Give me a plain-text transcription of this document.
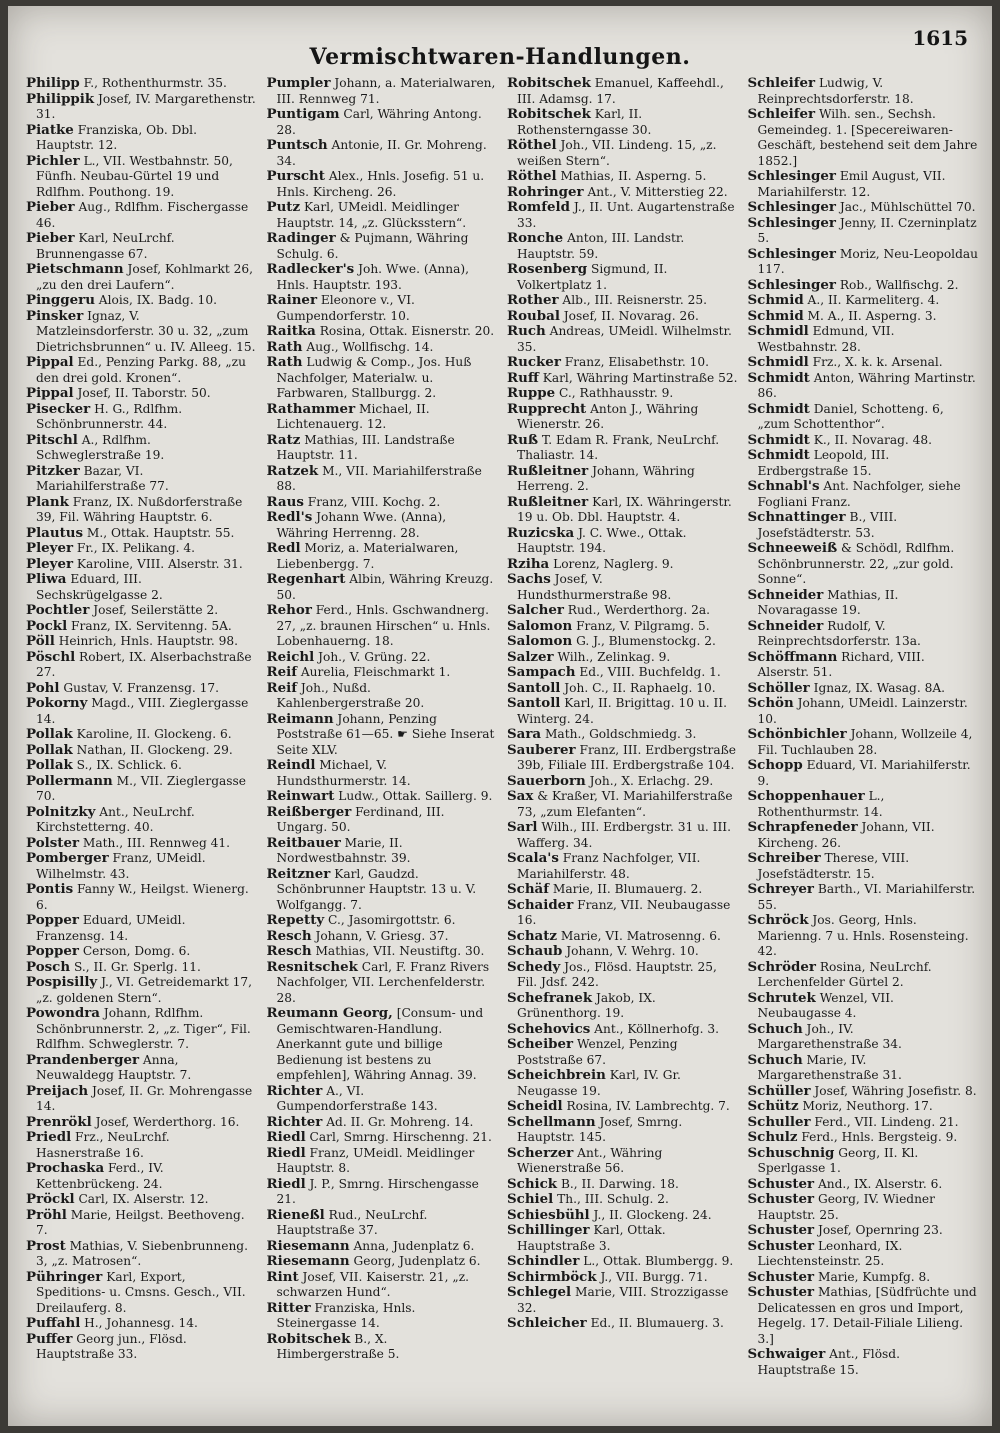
1615
Vermischtwaren-Handlungen.

Philipp F., Rothenthurmstr. 35.

Philippik Josef, IV. Margarethenstr. 31.

Piatke Franziska, Ob. Dbl. Hauptstr. 12.

Pichler L., VII. Westbahnstr. 50, Fünfh. Neubau-Gürtel 19 und Rdlfhm. Pouthong. 19.

Pieber Aug., Rdlfhm. Fischergasse 46.

Pieber Karl, NeuLrchf. Brunnengasse 67.

Pietschmann Josef, Kohlmarkt 26, „zu den drei Laufern“.

Pinggeru Alois, IX. Badg. 10.

Pinsker Ignaz, V. Matzleinsdorferstr. 30 u. 32, „zum Dietrichsbrunnen“ u. IV. Alleeg. 15.

Pippal Ed., Penzing Parkg. 88, „zu den drei gold. Kronen“.

Pippal Josef, II. Taborstr. 50.

Pisecker H. G., Rdlfhm. Schönbrunnerstr. 44.

Pitschl A., Rdlfhm. Schweglerstraße 19.

Pitzker Bazar, VI. Mariahilferstraße 77.

Plank Franz, IX. Nußdorferstraße 39, Fil. Währing Hauptstr. 6.

Plautus M., Ottak. Hauptstr. 55.

Pleyer Fr., IX. Pelikang. 4.

Pleyer Karoline, VIII. Alserstr. 31.

Pliwa Eduard, III. Sechskrügelgasse 2.

Pochtler Josef, Seilerstätte 2.

Pockl Franz, IX. Servitenng. 5A.

Pöll Heinrich, Hnls. Hauptstr. 98.

Pöschl Robert, IX. Alserbachstraße 27.

Pohl Gustav, V. Franzensg. 17.

Pokorny Magd., VIII. Zieglergasse 14.

Pollak Karoline, II. Glockeng. 6.

Pollak Nathan, II. Glockeng. 29.

Pollak S., IX. Schlick. 6.

Pollermann M., VII. Zieglergasse 70.

Polnitzky Ant., NeuLrchf. Kirchstetterng. 40.

Polster Math., III. Rennweg 41.

Pomberger Franz, UMeidl. Wilhelmstr. 43.

Pontis Fanny W., Heilgst. Wienerg. 6.

Popper Eduard, UMeidl. Franzensg. 14.

Popper Cerson, Domg. 6.

Posch S., II. Gr. Sperlg. 11.

Pospisilly J., VI. Getreidemarkt 17, „z. goldenen Stern“.

Powondra Johann, Rdlfhm. Schönbrunnerstr. 2, „z. Tiger“, Fil. Rdlfhm. Schweglerstr. 7.

Prandenberger Anna, Neuwaldegg Hauptstr. 7.

Preijach Josef, II. Gr. Mohrengasse 14.

Prenrökl Josef, Werderthorg. 16.

Priedl Frz., NeuLrchf. Hasnerstraße 16.

Prochaska Ferd., IV. Kettenbrückeng. 24.

Pröckl Carl, IX. Alserstr. 12.

Pröhl Marie, Heilgst. Beethoveng. 7.

Prost Mathias, V. Siebenbrunneng. 3, „z. Matrosen“.

Pühringer Karl, Export, Speditions- u. Cmsns. Gesch., VII. Dreilauferg. 8.

Puffahl H., Johannesg. 14.

Puffer Georg jun., Flösd. Hauptstraße 33.

Pumpler Johann, a. Materialwaren, III. Rennweg 71.

Puntigam Carl, Währing Antong. 28.

Puntsch Antonie, II. Gr. Mohreng. 34.

Purscht Alex., Hnls. Josefig. 51 u. Hnls. Kircheng. 26.

Putz Karl, UMeidl. Meidlinger Hauptstr. 14, „z. Glücksstern“.

Radinger & Pujmann, Währing Schulg. 6.

Radlecker's Joh. Wwe. (Anna), Hnls. Hauptstr. 193.

Rainer Eleonore v., VI. Gumpendorferstr. 10.

Raitka Rosina, Ottak. Eisnerstr. 20.

Rath Aug., Wollfischg. 14.

Rath Ludwig & Comp., Jos. Huß Nachfolger, Materialw. u. Farbwaren, Stallburgg. 2.

Rathammer Michael, II. Lichtenauerg. 12.

Ratz Mathias, III. Landstraße Hauptstr. 11.

Ratzek M., VII. Mariahilferstraße 88.

Raus Franz, VIII. Kochg. 2.

Redl's Johann Wwe. (Anna), Währing Herrenng. 28.

Redl Moriz, a. Materialwaren, Liebenbergg. 7.

Regenhart Albin, Währing Kreuzg. 50.

Rehor Ferd., Hnls. Gschwandnerg. 27, „z. braunen Hirschen“ u. Hnls. Lobenhauerng. 18.

Reichl Joh., V. Grüng. 22.

Reif Aurelia, Fleischmarkt 1.

Reif Joh., Nußd. Kahlenbergerstraße 20.

Reimann Johann, Penzing Poststraße 61—65. ☛ Siehe Inserat Seite XLV.

Reindl Michael, V. Hundsthurmerstr. 14.

Reinwart Ludw., Ottak. Saillerg. 9.

Reißberger Ferdinand, III. Ungarg. 50.

Reitbauer Marie, II. Nordwestbahnstr. 39.

Reitzner Karl, Gaudzd. Schönbrunner Hauptstr. 13 u. V. Wolfgangg. 7.

Repetty C., Jasomirgottstr. 6.

Resch Johann, V. Griesg. 37.

Resch Mathias, VII. Neustiftg. 30.

Resnitschek Carl, F. Franz Rivers Nachfolger, VII. Lerchenfelderstr. 28.

Reumann Georg, [Consum- und Gemischtwaren-Handlung. Anerkannt gute und billige Bedienung ist bestens zu empfehlen], Währing Annag. 39.

Richter A., VI. Gumpendorferstraße 143.

Richter Ad. II. Gr. Mohreng. 14.

Riedl Carl, Smrng. Hirschenng. 21.

Riedl Franz, UMeidl. Meidlinger Hauptstr. 8.

Riedl J. P., Smrng. Hirschengasse 21.

Rieneßl Rud., NeuLrchf. Hauptstraße 37.

Riesemann Anna, Judenplatz 6.

Riesemann Georg, Judenplatz 6.

Rint Josef, VII. Kaiserstr. 21, „z. schwarzen Hund“.

Ritter Franziska, Hnls. Steinergasse 14.

Robitschek B., X. Himbergerstraße 5.

Robitschek Emanuel, Kaffeehdl., III. Adamsg. 17.

Robitschek Karl, II. Rothensterngasse 30.

Röthel Joh., VII. Lindeng. 15, „z. weißen Stern“.

Röthel Mathias, II. Asperng. 5.

Rohringer Ant., V. Mitterstieg 22.

Romfeld J., II. Unt. Augartenstraße 33.

Ronche Anton, III. Landstr. Hauptstr. 59.

Rosenberg Sigmund, II. Volkertplatz 1.

Rother Alb., III. Reisnerstr. 25.

Roubal Josef, II. Novarag. 26.

Ruch Andreas, UMeidl. Wilhelmstr. 35.

Rucker Franz, Elisabethstr. 10.

Ruff Karl, Währing Martinstraße 52.

Ruppe C., Rathhausstr. 9.

Rupprecht Anton J., Währing Wienerstr. 26.

Ruß T. Edam R. Frank, NeuLrchf. Thaliastr. 14.

Rußleitner Johann, Währing Herreng. 2.

Rußleitner Karl, IX. Währingerstr. 19 u. Ob. Dbl. Hauptstr. 4.

Ruzicska J. C. Wwe., Ottak. Hauptstr. 194.

Rziha Lorenz, Naglerg. 9.

Sachs Josef, V. Hundsthurmerstraße 98.

Salcher Rud., Werderthorg. 2a.

Salomon Franz, V. Pilgramg. 5.

Salomon G. J., Blumenstockg. 2.

Salzer Wilh., Zelinkag. 9.

Sampach Ed., VIII. Buchfeldg. 1.

Santoll Joh. C., II. Raphaelg. 10.

Santoll Karl, II. Brigittag. 10 u. II. Winterg. 24.

Sara Math., Goldschmiedg. 3.

Sauberer Franz, III. Erdbergstraße 39b, Filiale III. Erdbergstraße 104.

Sauerborn Joh., X. Erlachg. 29.

Sax & Kraßer, VI. Mariahilferstraße 73, „zum Elefanten“.

Sarl Wilh., III. Erdbergstr. 31 u. III. Wafferg. 34.

Scala's Franz Nachfolger, VII. Mariahilferstr. 48.

Schäf Marie, II. Blumauerg. 2.

Schaider Franz, VII. Neubaugasse 16.

Schatz Marie, VI. Matrosenng. 6.

Schaub Johann, V. Wehrg. 10.

Schedy Jos., Flösd. Hauptstr. 25, Fil. Jdsf. 242.

Schefranek Jakob, IX. Grünenthorg. 19.

Schehovics Ant., Köllnerhofg. 3.

Scheiber Wenzel, Penzing Poststraße 67.

Scheichbrein Karl, IV. Gr. Neugasse 19.

Scheidl Rosina, IV. Lambrechtg. 7.

Schellmann Josef, Smrng. Hauptstr. 145.

Scherzer Ant., Währing Wienerstraße 56.

Schick B., II. Darwing. 18.

Schiel Th., III. Schulg. 2.

Schiesbühl J., II. Glockeng. 24.

Schillinger Karl, Ottak. Hauptstraße 3.

Schindler L., Ottak. Blumbergg. 9.

Schirmböck J., VII. Burgg. 71.

Schlegel Marie, VIII. Strozzigasse 32.

Schleicher Ed., II. Blumauerg. 3.

Schleifer Ludwig, V. Reinprechtsdorferstr. 18.

Schleifer Wilh. sen., Sechsh. Gemeindeg. 1. [Specereiwaren-Geschäft, bestehend seit dem Jahre 1852.]

Schlesinger Emil August, VII. Mariahilferstr. 12.

Schlesinger Jac., Mühlschüttel 70.

Schlesinger Jenny, II. Czerninplatz 5.

Schlesinger Moriz, Neu-Leopoldau 117.

Schlesinger Rob., Wallfischg. 2.

Schmid A., II. Karmeliterg. 4.

Schmid M. A., II. Asperng. 3.

Schmidl Edmund, VII. Westbahnstr. 28.

Schmidl Frz., X. k. k. Arsenal.

Schmidt Anton, Währing Martinstr. 86.

Schmidt Daniel, Schotteng. 6, „zum Schottenthor“.

Schmidt K., II. Novarag. 48.

Schmidt Leopold, III. Erdbergstraße 15.

Schnabl's Ant. Nachfolger, siehe Fogliani Franz.

Schnattinger B., VIII. Josefstädterstr. 53.

Schneeweiß & Schödl, Rdlfhm. Schönbrunnerstr. 22, „zur gold. Sonne“.

Schneider Mathias, II. Novaragasse 19.

Schneider Rudolf, V. Reinprechtsdorferstr. 13a.

Schöffmann Richard, VIII. Alserstr. 51.

Schöller Ignaz, IX. Wasag. 8A.

Schön Johann, UMeidl. Lainzerstr. 10.

Schönbichler Johann, Wollzeile 4, Fil. Tuchlauben 28.

Schopp Eduard, VI. Mariahilferstr. 9.

Schoppenhauer L., Rothenthurmstr. 14.

Schrapfeneder Johann, VII. Kircheng. 26.

Schreiber Therese, VIII. Josefstädterstr. 15.

Schreyer Barth., VI. Mariahilferstr. 55.

Schröck Jos. Georg, Hnls. Marienng. 7 u. Hnls. Rosensteing. 42.

Schröder Rosina, NeuLrchf. Lerchenfelder Gürtel 2.

Schrutek Wenzel, VII. Neubaugasse 4.

Schuch Joh., IV. Margarethenstraße 34.

Schuch Marie, IV. Margarethenstraße 31.

Schüller Josef, Währing Josefistr. 8.

Schütz Moriz, Neuthorg. 17.

Schuller Ferd., VII. Lindeng. 21.

Schulz Ferd., Hnls. Bergsteig. 9.

Schuschnig Georg, II. Kl. Sperlgasse 1.

Schuster And., IX. Alserstr. 6.

Schuster Georg, IV. Wiedner Hauptstr. 25.

Schuster Josef, Opernring 23.

Schuster Leonhard, IX. Liechtensteinstr. 25.

Schuster Marie, Kumpfg. 8.

Schuster Mathias, [Südfrüchte und Delicatessen en gros und Import, Hegelg. 17. Detail-Filiale Lilieng. 3.]

Schwaiger Ant., Flösd. Hauptstraße 15.
